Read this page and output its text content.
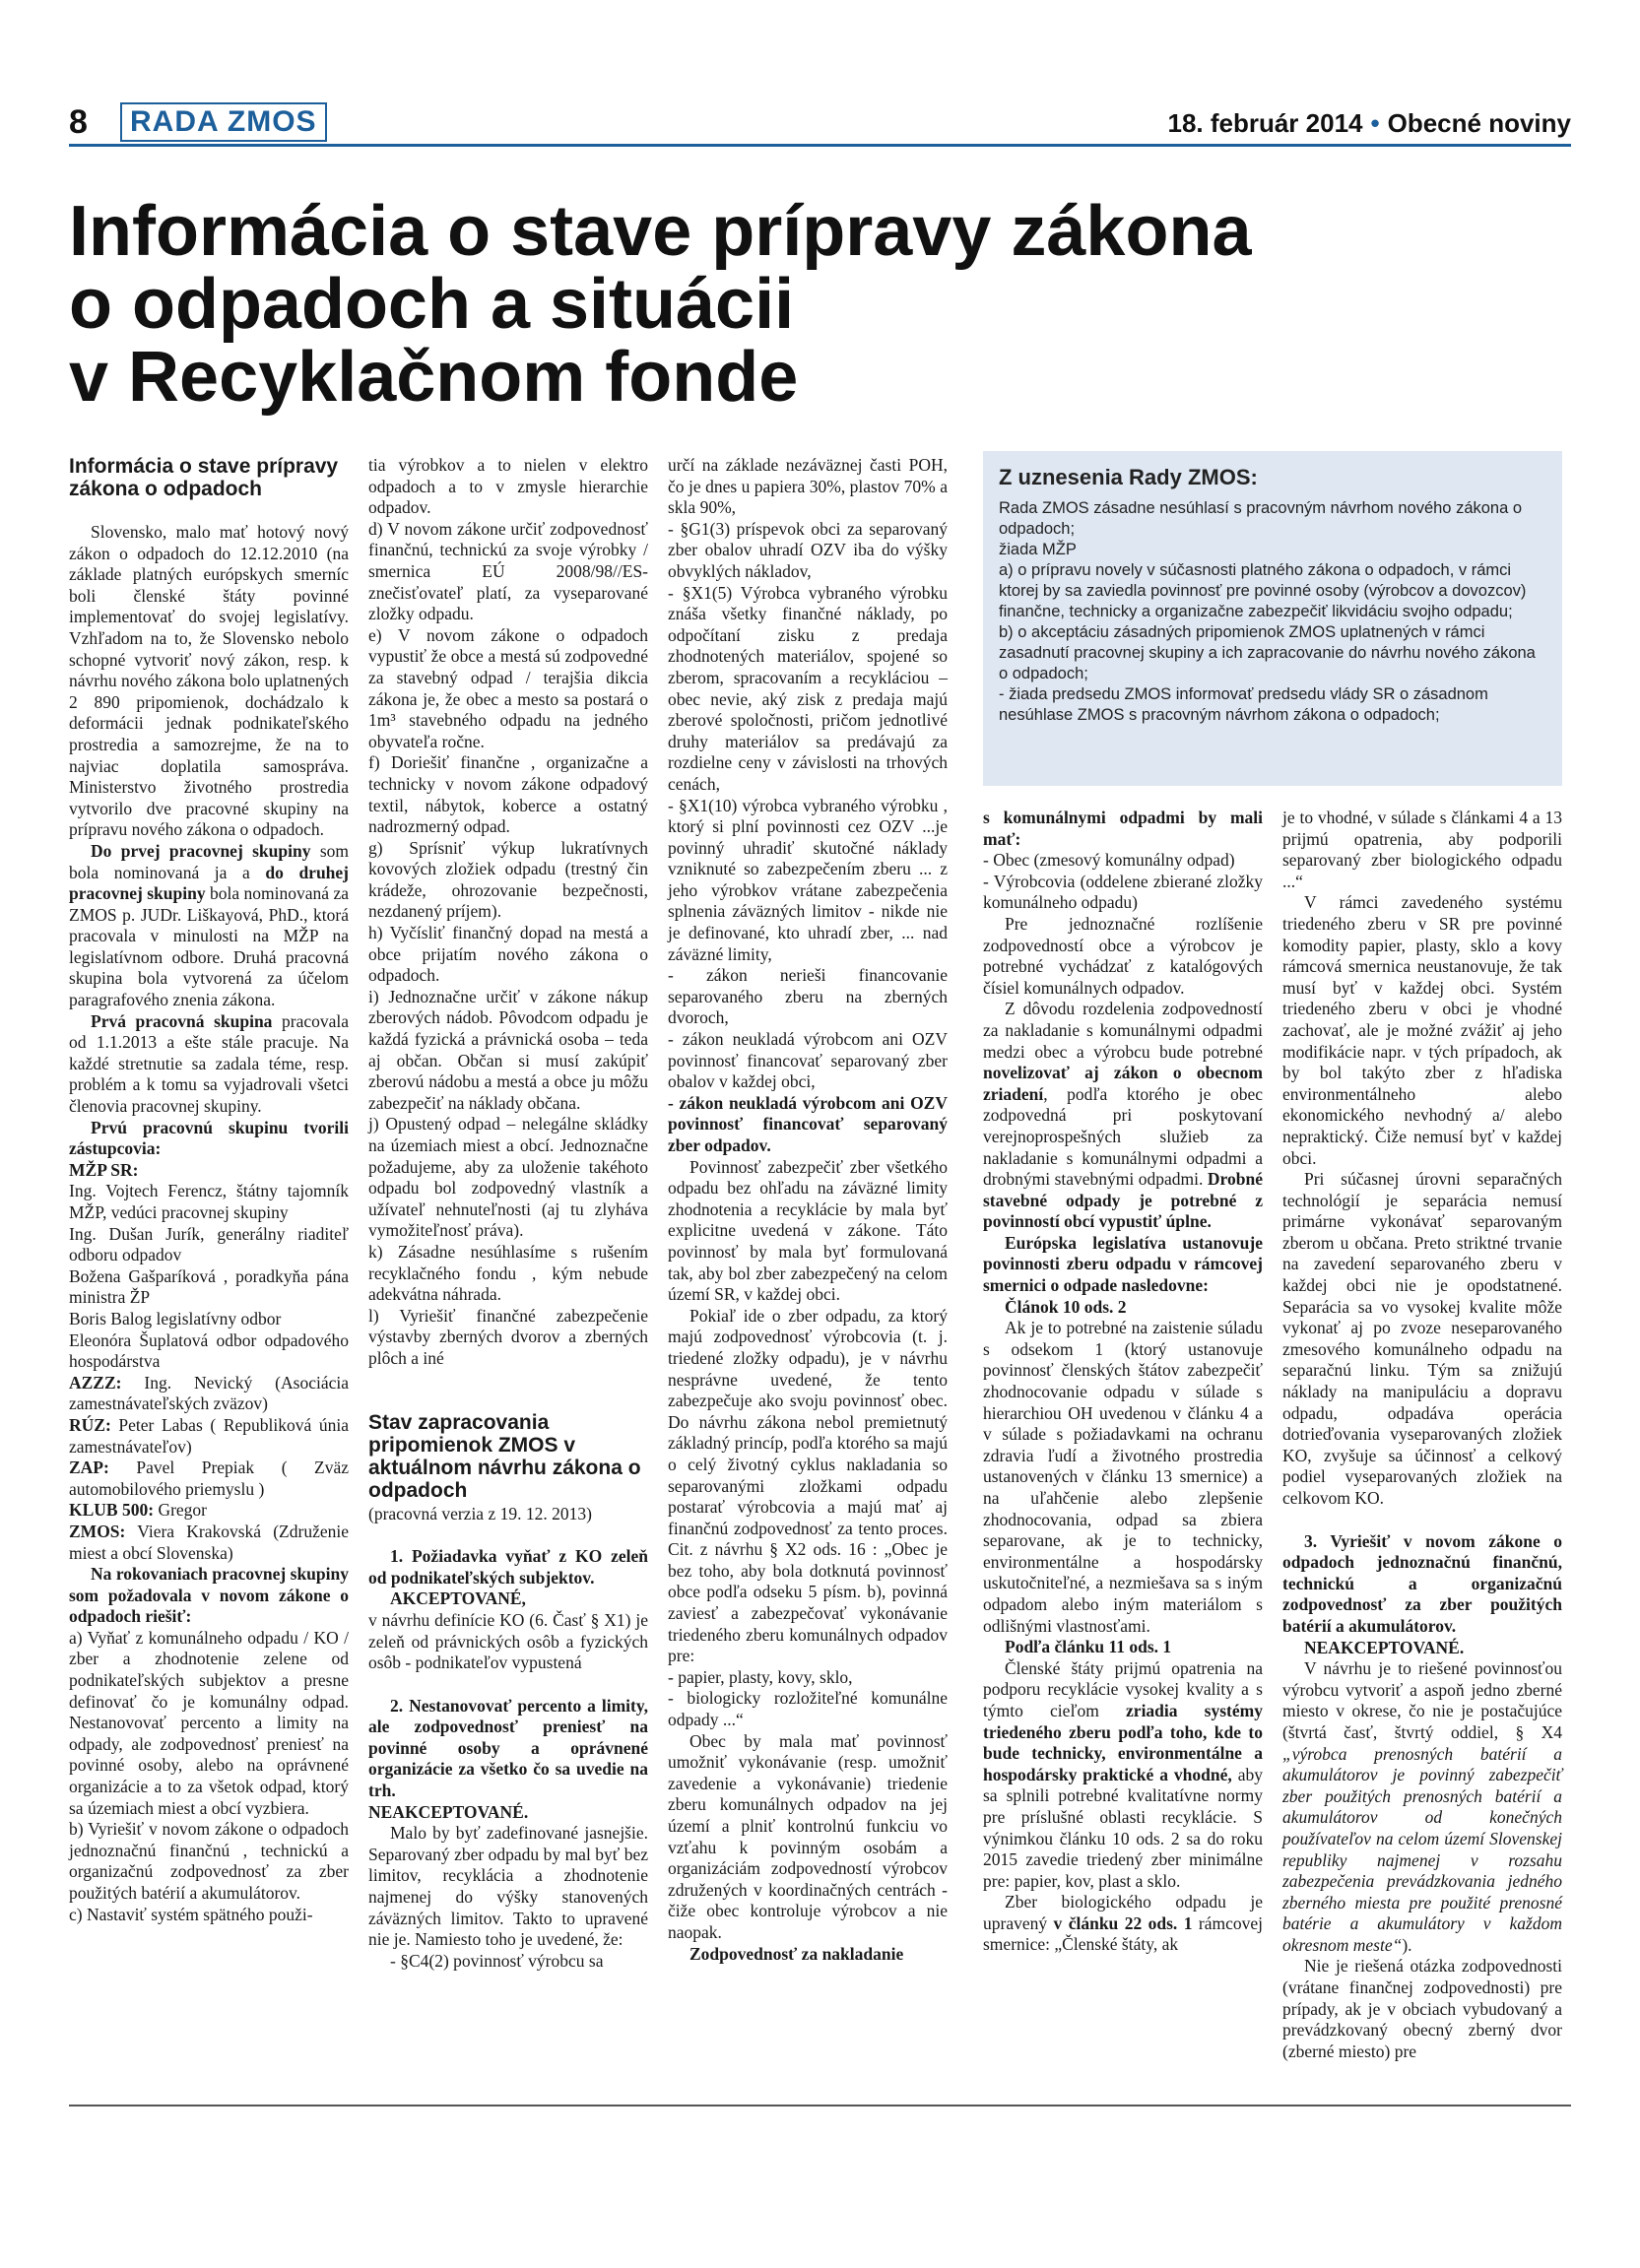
8	RADA ZMOS	18. február 2014 • Obecné noviny
Informácia o stave prípravy zákona
o odpadoch a situácii
v Recyklačnom fonde
Informácia o stave prípravy zákona o odpadoch

Slovensko, malo mať hotový nový zákon o odpadoch do 12.12.2010 (na základe platných európskych smerníc boli členské štáty povinné implementovať do svojej legislatívy. Vzhľadom na to, že Slovensko nebolo schopné vytvoriť nový zákon, resp. k návrhu nového zákona bolo uplatnených 2 890 pripomienok, dochádzalo k deformácii jednak podnikateľského prostredia a samozrejme, že na to najviac doplatila samospráva. Ministerstvo životného prostredia vytvorilo dve pracovné skupiny na prípravu nového zákona o odpadoch.

Do prvej pracovnej skupiny som bola nominovaná ja a do druhej pracovnej skupiny bola nominovaná za ZMOS p. JUDr. Liškayová, PhD., ktorá pracovala v minulosti na MŽP na legislatívnom odbore. Druhá pracovná skupina bola vytvorená za účelom paragrafového znenia zákona.

Prvá pracovná skupina pracovala od 1.1.2013 a ešte stále pracuje. Na každé stretnutie sa zadala téme, resp. problém a k tomu sa vyjadrovali všetci členovia pracovnej skupiny.

Prvú pracovnú skupinu tvorili zástupcovia:

MŽP SR:

Ing. Vojtech Ferencz, štátny tajomník MŽP, vedúci pracovnej skupiny

Ing. Dušan Jurík, generálny riaditeľ odboru odpadov

Božena Gašparíková , poradkyňa pána ministra ŽP

Boris Balog legislatívny odbor

Eleonóra Šuplatová odbor odpadového hospodárstva

AZZZ: Ing. Nevický (Asociácia zamestnávateľských zväzov)

RÚZ: Peter Labas ( Republiková únia zamestnávateľov)

ZAP: Pavel Prepiak ( Zväz automobilového priemyslu )

KLUB 500: Gregor

ZMOS: Viera Krakovská (Združenie miest a obcí Slovenska)

Na rokovaniach pracovnej skupiny som požadovala v novom zákone o odpadoch riešiť:

a) Vyňať z komunálneho odpadu / KO / zber a zhodnotenie zelene od podnikateľských subjektov a presne definovať čo je komunálny odpad. Nestanovovať percento a limity na odpady, ale zodpovednosť preniesť na povinné osoby, alebo na oprávnené organizácie a to za všetok odpad, ktorý sa územiach miest a obcí vyzbiera.

b) Vyriešiť v novom zákone o odpadoch jednoznačnú finančnú , technickú a organizačnú zodpovednosť za zber použitých batérií a akumulátorov.

c) Nastaviť systém spätného použi-

tia výrobkov a to nielen v elektro odpadoch a to v zmysle hierarchie odpadov.

d) V novom zákone určiť zodpovednosť finančnú, technickú za svoje výrobky / smernica EÚ 2008/98//ES- znečisťovateľ platí, za vyseparované zložky odpadu.

e) V novom zákone o odpadoch vypustiť že obce a mestá sú zodpovedné za stavebný odpad / terajšia dikcia zákona je, že obec a mesto sa postará o 1m³ stavebného odpadu na jedného obyvateľa ročne.

f) Doriešiť finančne , organizačne a technicky v novom zákone odpadový textil, nábytok, koberce a ostatný nadrozmerný odpad.

g) Sprísniť výkup lukratívnych kovových zložiek odpadu (trestný čin krádeže, ohrozovanie bezpečnosti, nezdanený príjem).

h) Vyčísliť finančný dopad na mestá a obce prijatím nového zákona o odpadoch.

i) Jednoznačne určiť v zákone nákup zberových nádob. Pôvodcom odpadu je každá fyzická a právnická osoba – teda aj občan. Občan si musí zakúpiť zberovú nádobu a mestá a obce ju môžu zabezpečiť na náklady občana.

j) Opustený odpad – nelegálne skládky na územiach miest a obcí. Jednoznačne požadujeme, aby za uloženie takéhoto odpadu bol zodpovedný vlastník a užívateľ nehnuteľnosti (aj tu zlyháva vymožiteľnosť práva).

k) Zásadne nesúhlasíme s rušením recyklačného fondu , kým nebude adekvátna náhrada.

l) Vyriešiť finančné zabezpečenie výstavby zberných dvorov a zberných plôch a iné

Stav zapracovania pripomienok ZMOS v aktuálnom návrhu zákona o odpadoch
(pracovná verzia z 19. 12. 2013)

1. Požiadavka vyňať z KO zeleň od podnikateľských subjektov.

AKCEPTOVANÉ,

v návrhu definície KO (6. Časť § X1) je zeleň od právnických osôb a fyzických osôb - podnikateľov vypustená

2. Nestanovovať percento a limity, ale zodpovednosť preniesť na povinné osoby a oprávnené organizácie za všetko čo sa uvedie na trh.

NEAKCEPTOVANÉ.

Malo by byť zadefinované jasnejšie. Separovaný zber odpadu by mal byť bez limitov, recyklácia a zhodnotenie najmenej do výšky stanovených záväzných limitov. Takto to upravené nie je. Namiesto toho je uvedené, že:

- §C4(2) povinnosť výrobcu sa

určí na základe nezáväznej časti POH, čo je dnes u papiera 30%, plastov 70% a skla 90%,

- §G1(3) príspevok obci za separovaný zber obalov uhradí OZV iba do výšky obvyklých nákladov,

- §X1(5) Výrobca vybraného výrobku znáša všetky finančné náklady, po odpočítaní zisku z predaja zhodnotených materiálov, spojené so zberom, spracovaním a recykláciou – obec nevie, aký zisk z predaja majú zberové spoločnosti, pričom jednotlivé druhy materiálov sa predávajú za rozdielne ceny v závislosti na trhových cenách,

- §X1(10) výrobca vybraného výrobku , ktorý si plní povinnosti cez OZV ...je povinný uhradiť skutočné náklady vzniknuté so zabezpečením zberu ... z jeho výrobkov vrátane zabezpečenia splnenia záväzných limitov - nikde nie je definované, kto uhradí zber, ... nad záväzné limity,

- zákon nerieši financovanie separovaného zberu na zberných dvoroch,

- zákon neukladá výrobcom ani OZV povinnosť financovať separovaný zber obalov v každej obci,

- zákon neukladá výrobcom ani OZV povinnosť financovať separovaný zber odpadov.

Povinnosť zabezpečiť zber všetkého odpadu bez ohľadu na záväzné limity zhodnotenia a recyklácie by mala byť explicitne uvedená v zákone. Táto povinnosť by mala byť formulovaná tak, aby bol zber zabezpečený na celom území SR, v každej obci.

Pokiaľ ide o zber odpadu, za ktorý majú zodpovednosť výrobcovia (t. j. triedené zložky odpadu), je v návrhu nesprávne uvedené, že tento zabezpečuje ako svoju povinnosť obec. Do návrhu zákona nebol premietnutý základný princíp, podľa ktorého sa majú o celý životný cyklus nakladania so separovanými zložkami odpadu postarať výrobcovia a majú mať aj finančnú zodpovednosť za tento proces. Cit. z návrhu § X2 ods. 16 : „Obec je bez toho, aby bola dotknutá povinnosť obce podľa odseku 5 písm. b), povinná zaviesť a zabezpečovať vykonávanie triedeného zberu komunálnych odpadov pre:

- papier, plasty, kovy, sklo,

- biologicky rozložiteľné komunálne odpady ...“

Obec by mala mať povinnosť umožniť vykonávanie (resp. umožniť zavedenie a vykonávanie) triedenie zberu komunálnych odpadov na jej území a plniť kontrolnú funkciu vo vzťahu k povinným osobám a organizáciám zodpovedností výrobcov združených v koordinačných centrách - čiže obec kontroluje výrobcov a nie naopak.

Zodpovednosť za nakladanie

Z uznesenia Rady ZMOS:

Rada ZMOS zásadne nesúhlasí s pracovným návrhom nového zákona o odpadoch;

žiada MŽP

a) o prípravu novely v súčasnosti platného zákona o odpadoch, v rámci ktorej by sa zaviedla povinnosť pre povinné osoby (výrobcov a dovozcov) finančne, technicky a organizačne zabezpečiť likvidáciu svojho odpadu;

b) o akceptáciu zásadných pripomienok ZMOS uplatnených v rámci zasadnutí pracovnej skupiny a ich zapracovanie do návrhu nového zákona o odpadoch;

- žiada predsedu ZMOS informovať predsedu vlády SR o zásadnom nesúhlase ZMOS s pracovným návrhom zákona o odpadoch;

s komunálnymi odpadmi by mali mať:

- Obec (zmesový komunálny odpad)

- Výrobcovia (oddelene zbierané zložky komunálneho odpadu)

Pre jednoznačné rozlíšenie zodpovedností obce a výrobcov je potrebné vychádzať z katalógových čísiel komunálnych odpadov.

Z dôvodu rozdelenia zodpovedností za nakladanie s komunálnymi odpadmi medzi obec a výrobcu bude potrebné novelizovať aj zákon o obecnom zriadení, podľa ktorého je obec zodpovedná pri poskytovaní verejnoprospešných služieb za nakladanie s komunálnymi odpadmi a drobnými stavebnými odpadmi. Drobné stavebné odpady je potrebné z povinností obcí vypustiť úplne.

Európska legislatíva ustanovuje povinnosti zberu odpadu v rámcovej smernici o odpade nasledovne:

Článok 10 ods. 2

Ak je to potrebné na zaistenie súladu s odsekom 1 (ktorý ustanovuje povinnosť členských štátov zabezpečiť zhodnocovanie odpadu v súlade s hierarchiou OH uvedenou v článku 4 a v súlade s požiadavkami na ochranu zdravia ľudí a životného prostredia ustanovených v článku 13 smernice) a na uľahčenie alebo zlepšenie zhodnocovania, odpad sa zbiera separovane, ak je to technicky, environmentálne a hospodársky uskutočniteľné, a nezmiešava sa s iným odpadom alebo iným materiálom s odlišnými vlastnosťami.

Podľa článku 11 ods. 1

Členské štáty prijmú opatrenia na podporu recyklácie vysokej kvality a s týmto cieľom zriadia systémy triedeného zberu podľa toho, kde to bude technicky, environmentálne a hospodársky praktické a vhodné, aby sa splnili potrebné kvalitatívne normy pre príslušné oblasti recyklácie. S výnimkou článku 10 ods. 2 sa do roku 2015 zavedie triedený zber minimálne pre: papier, kov, plast a sklo.

Zber biologického odpadu je upravený v článku 22 ods. 1 rámcovej smernice: „Členské štáty, ak

je to vhodné, v súlade s článkami 4 a 13 prijmú opatrenia, aby podporili separovaný zber biologického odpadu ...“

V rámci zavedeného systému triedeného zberu v SR pre povinné komodity papier, plasty, sklo a kovy rámcová smernica neustanovuje, že tak musí byť v každej obci. Systém triedeného zberu v obci je vhodné zachovať, ale je možné zvážiť aj jeho modifikácie napr. v tých prípadoch, ak by bol takýto zber z hľadiska environmentálneho alebo ekonomického nevhodný a/ alebo nepraktický. Čiže nemusí byť v každej obci.

Pri súčasnej úrovni separačných technológií je separácia nemusí primárne vykonávať separovaným zberom u občana. Preto striktné trvanie na zavedení separovaného zberu v každej obci nie je opodstatnené. Separácia sa vo vysokej kvalite môže vykonať aj po zvoze neseparovaného zmesového komunálneho odpadu na separačnú linku. Tým sa znižujú náklady na manipuláciu a dopravu odpadu, odpadáva operácia dotrieďovania vyseparovaných zložiek KO, zvyšuje sa účinnosť a celkový podiel vyseparovaných zložiek na celkovom KO.

3. Vyriešiť v novom zákone o odpadoch jednoznačnú finančnú, technickú a organizačnú zodpovednosť za zber použitých batérií a akumulátorov.

NEAKCEPTOVANÉ.

V návrhu je to riešené povinnosťou výrobcu vytvoriť a aspoň jedno zberné miesto v okrese, čo nie je postačujúce (štvrtá časť, štvrtý oddiel, § X4 „výrobca prenosných batérií a akumulátorov je povinný zabezpečiť zber použitých prenosných batérií a akumulátorov od konečných používateľov na celom území Slovenskej republiky najmenej v rozsahu zabezpečenia prevádzkovania jedného zberného miesta pre použité prenosné batérie a akumulátory v každom okresnom meste“).

Nie je riešená otázka zodpovednosti (vrátane finančnej zodpovednosti) pre prípady, ak je v obciach vybudovaný a prevádzkovaný obecný zberný dvor (zberné miesto) pre
